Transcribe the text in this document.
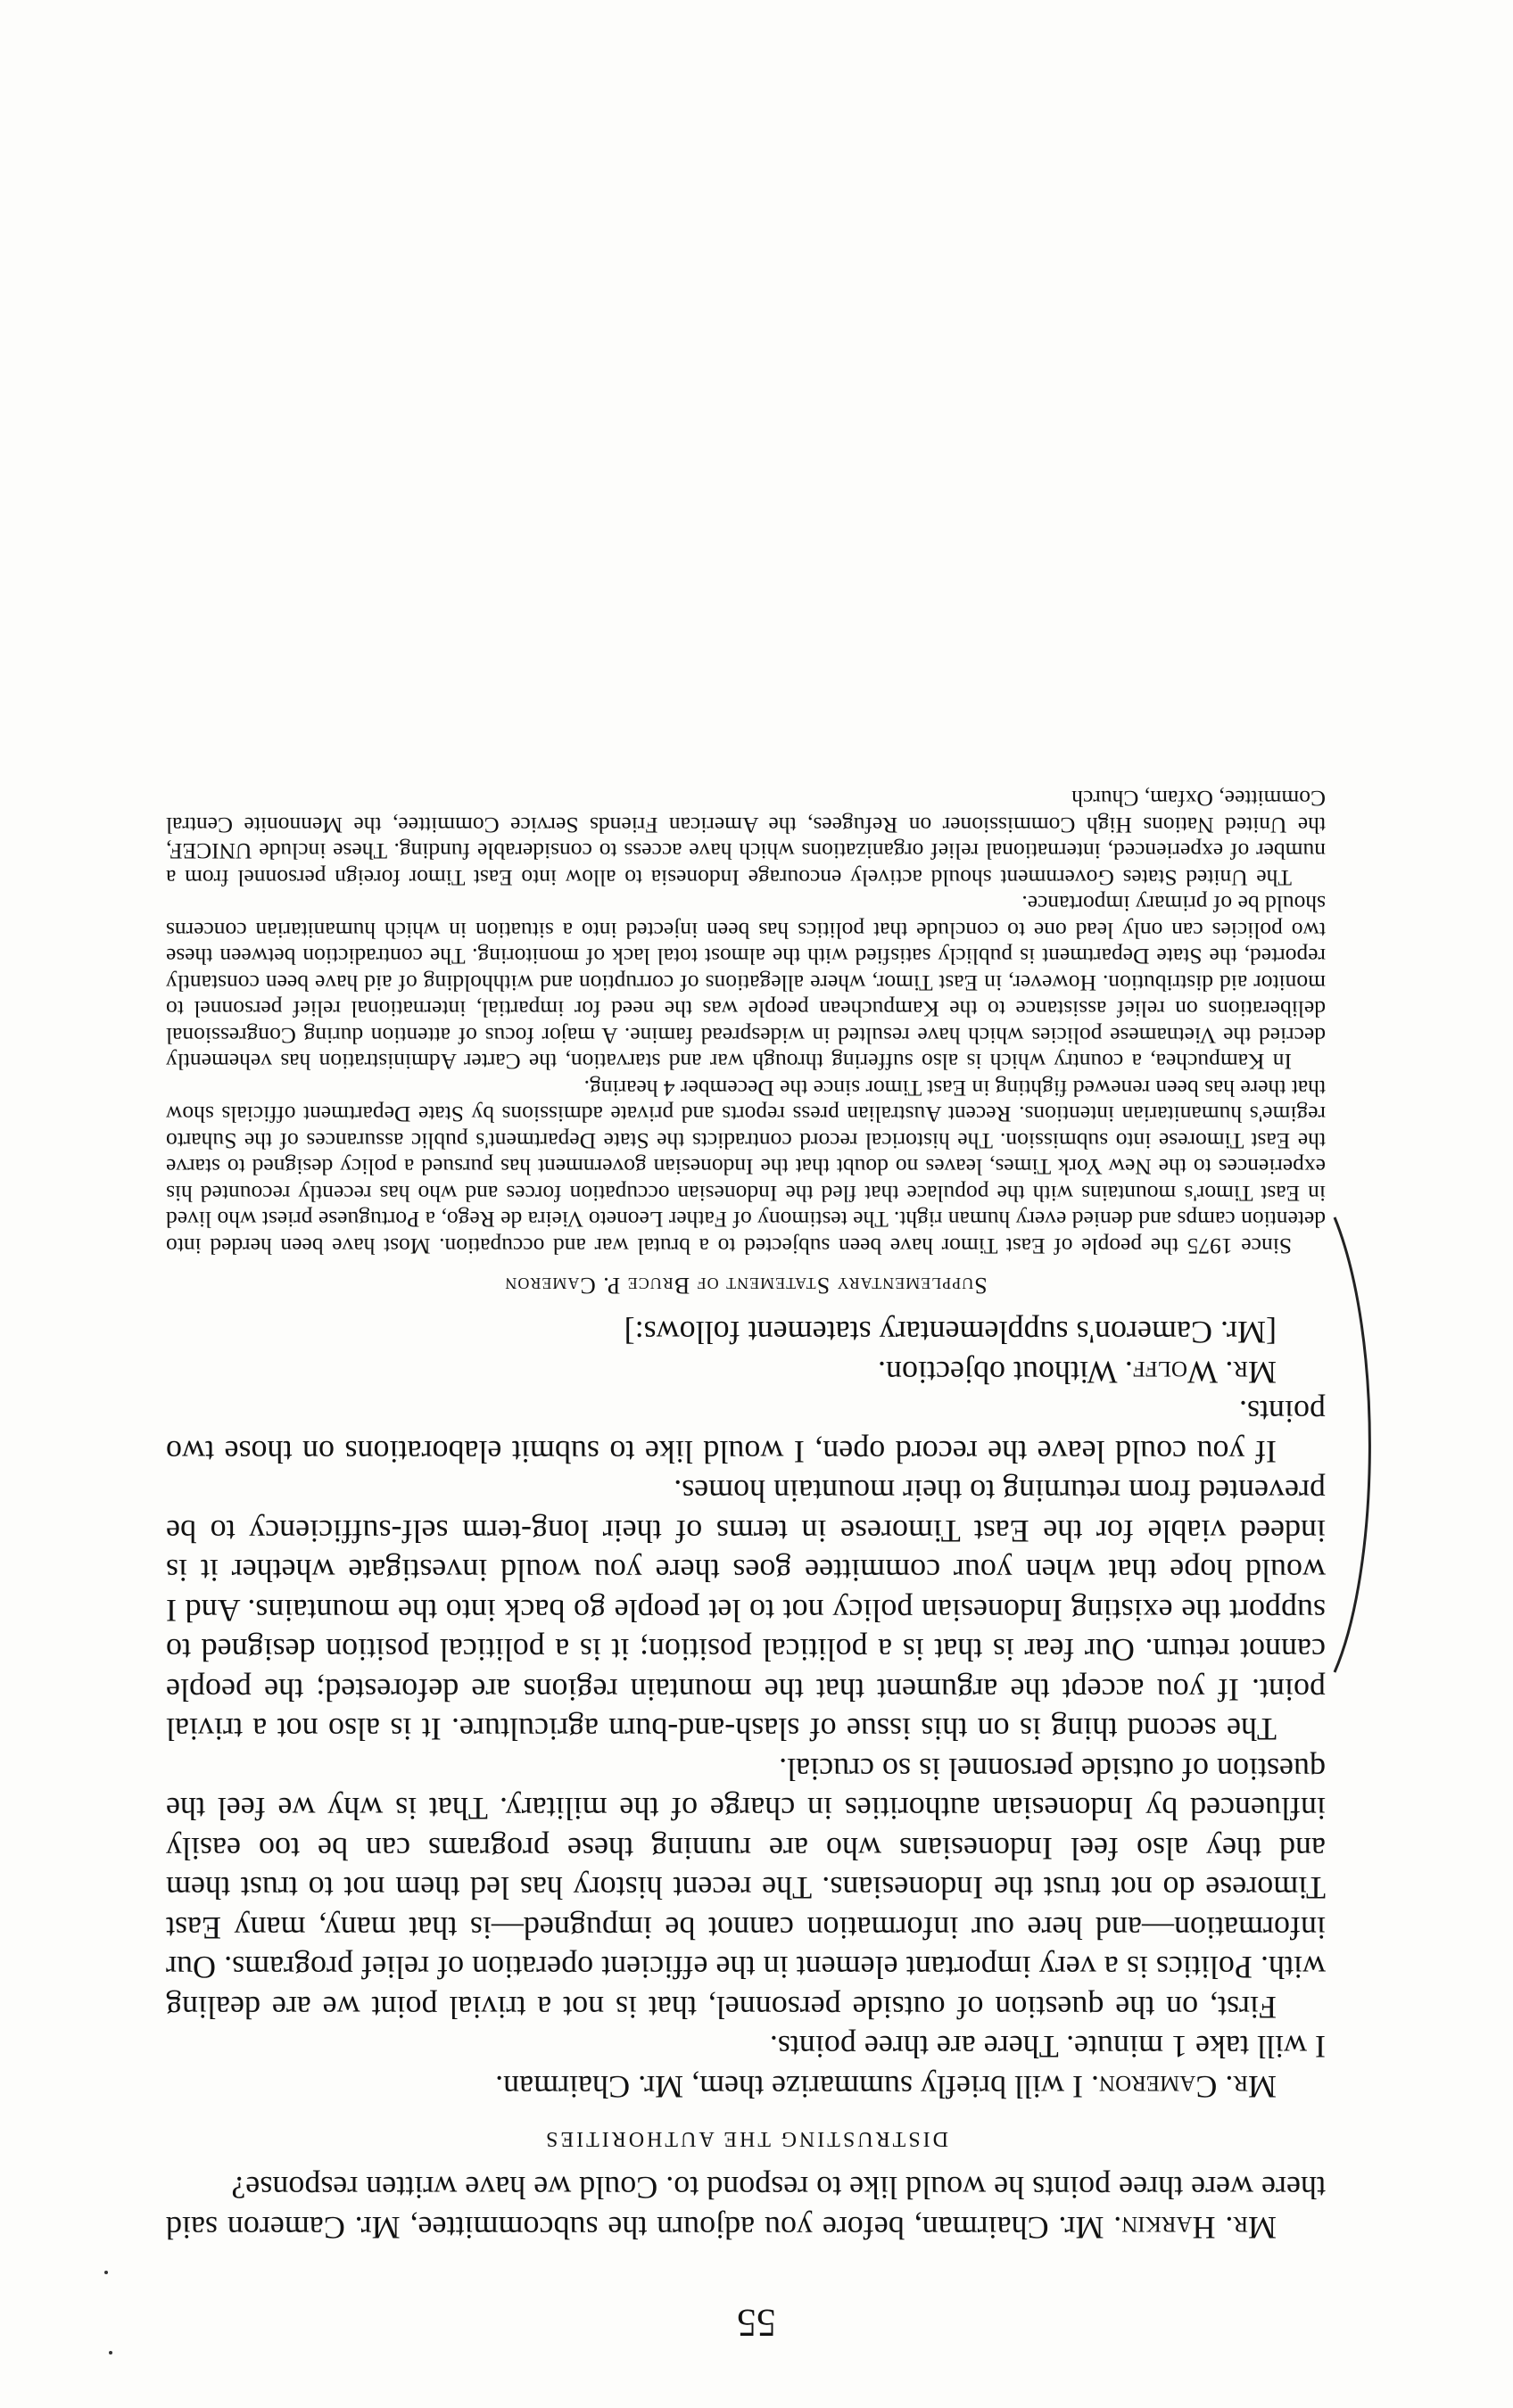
55

Mr. Harkin. Mr. Chairman, before you adjourn the subcommittee, Mr. Cameron said there were three points he would like to respond to. Could we have written response?

DISTRUSTING THE AUTHORITIES

Mr. Cameron. I will briefly summarize them, Mr. Chairman.

I will take 1 minute. There are three points.

First, on the question of outside personnel, that is not a trivial point we are dealing with. Politics is a very important element in the efficient operation of relief programs. Our information—and here our information cannot be impugned—is that many, many East Timorese do not trust the Indonesians. The recent history has led them not to trust them and they also feel Indonesians who are running these programs can be too easily influenced by Indonesian authorities in charge of the military. That is why we feel the question of outside personnel is so crucial.

The second thing is on this issue of slash-and-burn agriculture. It is also not a trivial point. If you accept the argument that the mountain regions are deforested; the people cannot return. Our fear is that is a political position; it is a political position designed to support the existing Indonesian policy not to let people go back into the mountains. And I would hope that when your committee goes there you would investigate whether it is indeed viable for the East Timorese in terms of their long-term self-sufficiency to be prevented from returning to their mountain homes.

If you could leave the record open, I would like to submit elaborations on those two points.

Mr. Wolff. Without objection.

[Mr. Cameron's supplementary statement follows:]

Supplementary Statement of Bruce P. Cameron

Since 1975 the people of East Timor have been subjected to a brutal war and occupation. Most have been herded into detention camps and denied every human right. The testimony of Father Leoneto Vieira de Rego, a Portuguese priest who lived in East Timor's mountains with the populace that fled the Indonesian occupation forces and who has recently recounted his experiences to the New York Times, leaves no doubt that the Indonesian government has pursued a policy designed to starve the East Timorese into submission. The historical record contradicts the State Department's public assurances of the Suharto regime's humanitarian intentions. Recent Australian press reports and private admissions by State Department officials show that there has been renewed fighting in East Timor since the December 4 hearing.

In Kampuchea, a country which is also suffering through war and starvation, the Carter Administration has vehemently decried the Vietnamese policies which have resulted in widespread famine. A major focus of attention during Congressional deliberations on relief assistance to the Kampuchean people was the need for impartial, international relief personnel to monitor aid distribution. However, in East Timor, where allegations of corruption and withholding of aid have been constantly reported, the State Department is publicly satisfied with the almost total lack of monitoring. The contradiction between these two policies can only lead one to conclude that politics has been injected into a situation in which humanitarian concerns should be of primary importance.

The United States Government should actively encourage Indonesia to allow into East Timor foreign personnel from a number of experienced, international relief organizations which have access to considerable funding. These include UNICEF, the United Nations High Commissioner on Refugees, the American Friends Service Committee, the Mennonite Central Committee, Oxfam, Church
